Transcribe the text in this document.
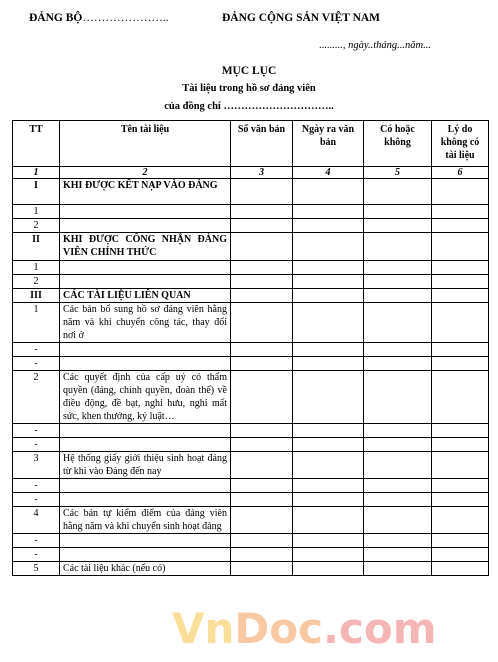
ĐẢNG BỘ…………………..	ĐẢNG CỘNG SẢN VIỆT NAM
........., ngày..tháng...năm...
MỤC LỤC
Tài liệu trong hồ sơ đảng viên
của đồng chí …………………………..
TT	Tên tài liệu	Số văn bản	Ngày ra văn bản	Có hoặc không	Lý do không có tài liệu
1	2	3	4	5	6
I	KHI ĐƯỢC KẾT NẠP VÀO ĐẢNG				
1					
2					
II	KHI ĐƯỢC CÔNG NHẬN ĐẢNG VIÊN CHÍNH THỨC				
1					
2					
III	CÁC TÀI LIỆU LIÊN QUAN				
1	Các bản bổ sung hồ sơ đảng viên hằng năm và khi chuyển công tác, thay đổi nơi ở				
-					
-					
2	Các quyết định của cấp uỷ có thẩm quyền (đảng, chính quyền, đoàn thể) về điều động, đề bạt, nghỉ hưu, nghỉ mất sức, khen thưởng, kỷ luật…				
-					
-					
3	Hệ thống giấy giới thiệu sinh hoạt đảng từ khi vào Đảng đến nay				
-					
-					
4	Các bản tự kiểm điểm của đảng viên hằng năm và khi chuyển sinh hoạt đảng				
-					
-					
5	Các tài liệu khác (nếu có)				
VnDoc.com
